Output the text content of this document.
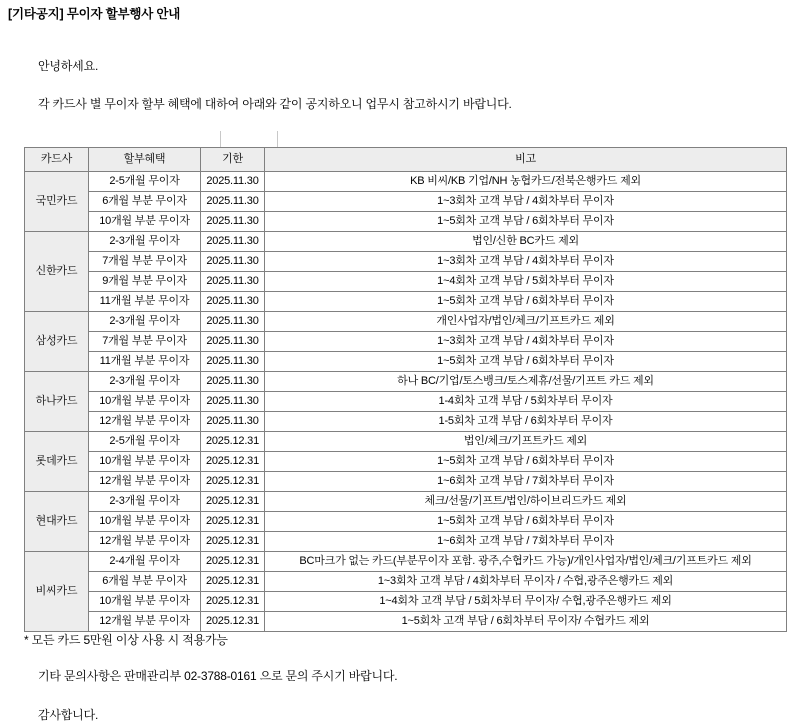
[기타공지] 무이자 할부행사 안내
안녕하세요.
각 카드사 별 무이자 할부 혜택에 대하여 아래와 같이 공지하오니 업무시 참고하시기 바랍니다.
카드사	할부혜택	기한	비고
국민카드	2-5개월 무이자	2025.11.30	KB 비씨/KB 기업/NH 농협카드/전북은행카드 제외
	6개월 부분 무이자	2025.11.30	1~3회차 고객 부담 / 4회차부터 무이자
	10개월 부분 무이자	2025.11.30	1~5회차 고객 부담 / 6회차부터 무이자
신한카드	2-3개월 무이자	2025.11.30	법인/신한 BC카드 제외
	7개월 부분 무이자	2025.11.30	1~3회차 고객 부담 / 4회차부터 무이자
	9개월 부분 무이자	2025.11.30	1~4회차 고객 부담 / 5회차부터 무이자
	11개월 부분 무이자	2025.11.30	1~5회차 고객 부담 / 6회차부터 무이자
삼성카드	2-3개월 무이자	2025.11.30	개인사업자/법인/체크/기프트카드 제외
	7개월 부분 무이자	2025.11.30	1~3회차 고객 부담 / 4회차부터 무이자
	11개월 부분 무이자	2025.11.30	1~5회차 고객 부담 / 6회차부터 무이자
하나카드	2-3개월 무이자	2025.11.30	하나 BC/기업/토스뱅크/토스제휴/선물/기프트 카드 제외
	10개월 부분 무이자	2025.11.30	1-4회차 고객 부담 / 5회차부터 무이자
	12개월 부분 무이자	2025.11.30	1-5회차 고객 부담 / 6회차부터 무이자
롯데카드	2-5개월 무이자	2025.12.31	법인/체크/기프트카드 제외
	10개월 부분 무이자	2025.12.31	1~5회차 고객 부담 / 6회차부터 무이자
	12개월 부분 무이자	2025.12.31	1~6회차 고객 부담 / 7회차부터 무이자
현대카드	2-3개월 무이자	2025.12.31	체크/선물/기프트/법인/하이브리드카드 제외
	10개월 부분 무이자	2025.12.31	1~5회차 고객 부담 / 6회차부터 무이자
	12개월 부분 무이자	2025.12.31	1~6회차 고객 부담 / 7회차부터 무이자
비씨카드	2-4개월 무이자	2025.12.31	BC마크가 없는 카드(부분무이자 포함. 광주,수협카드 가능)/개인사업자/법인/체크/기프트카드 제외
	6개월 부분 무이자	2025.12.31	1~3회차 고객 부담 / 4회차부터 무이자 / 수협,광주은행카드 제외
	10개월 부분 무이자	2025.12.31	1~4회차 고객 부담 / 5회차부터 무이자/ 수협,광주은행카드 제외
	12개월 부분 무이자	2025.12.31	1~5회차 고객 부담 / 6회차부터 무이자/ 수협카드 제외
* 모든 카드 5만원 이상 사용 시 적용가능
기타 문의사항은 판매관리부 02-3788-0161 으로 문의 주시기 바랍니다.
감사합니다.
